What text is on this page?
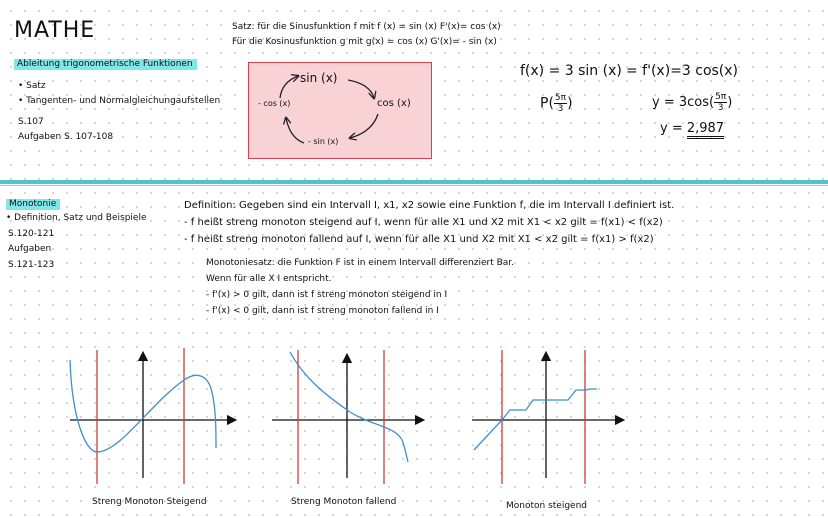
MATHE	Satz: für die Sinusfunktion f mit f (x) = sin (x) F'(x)= cos (x)
Für die Kosinusfunktion g mit g(x) = cos (x) G'(x)= - sin (x)
Ableitung trigonometrische Funktionen
• Satz
• Tangenten- und Normalgleichungaufstellen
S.107
Aufgaben S. 107-108
sin (x)
cos (x)
- sin (x)
- cos (x)
f(x) = 3 sin (x) = f'(x)=3 cos(x)
$P( \frac{5\pi}{3}$ )	$y = 3\cos( \frac{5\pi}{3}$ )
y = 2,987
Monotonie
• Definition, Satz und Beispiele
S.120-121
Aufgaben
S.121-123
Definition: Gegeben sind ein Intervall I, x1, x2 sowie eine Funktion f, die im Intervall I definiert ist.
- f heißt streng monoton steigend auf I, wenn für alle X1 und X2 mit X1 < x2 gilt = f(x1) < f(x2)
- f heißt streng monoton fallend auf I, wenn für alle X1 und X2 mit X1 < x2 gilt = f(x1) > f(x2)
Monotoniesatz: die Funktion F ist in einem Intervall differenziert Bar.
Wenn für alle X I entspricht.
- f'(x) > 0 gilt, dann ist f streng monoton steigend in I
- f'(x) < 0 gilt, dann ist f streng monoton fallend in I
Streng Monoton Steigend	Streng Monoton fallend	Monoton steigend
